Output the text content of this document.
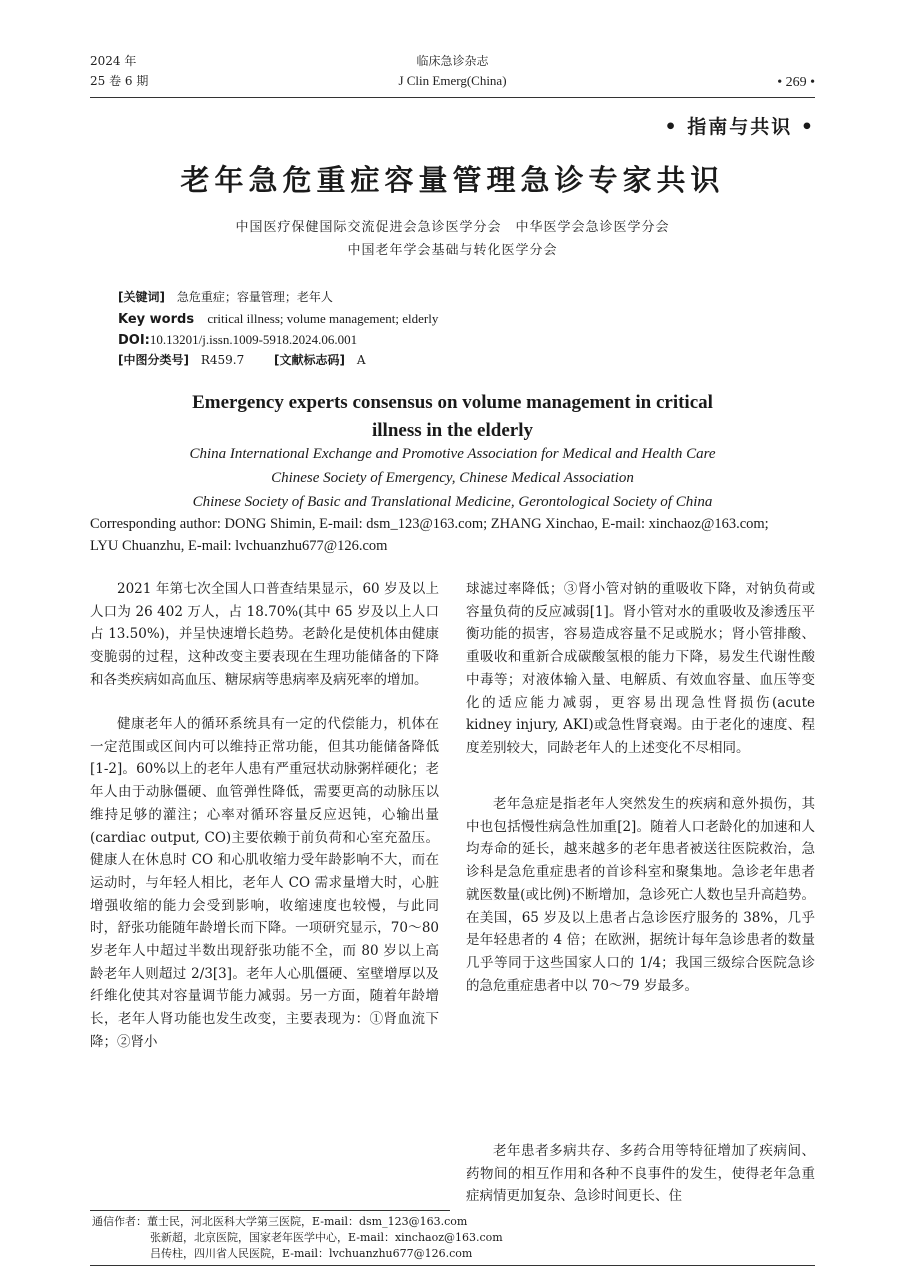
2024 年
25 卷 6 期
临床急诊杂志
J Clin Emerg(China)	• 269 •
• 指南与共识 •
老年急危重症容量管理急诊专家共识
中国医疗保健国际交流促进会急诊医学分会　中华医学会急诊医学分会
中国老年学会基础与转化医学分会
[关键词] 急危重症；容量管理；老年人
Key words critical illness; volume management; elderly
DOI:10.13201/j.issn.1009-5918.2024.06.001
[中图分类号] R459.7 [文献标志码] A
Emergency experts consensus on volume management in critical
illness in the elderly
China International Exchange and Promotive Association for Medical and Health Care
Chinese Society of Emergency, Chinese Medical Association
Chinese Society of Basic and Translational Medicine, Gerontological Society of China
Corresponding author: DONG Shimin, E-mail: dsm_123@163.com; ZHANG Xinchao, E-mail: xinchaoz@163.com;
LYU Chuanzhu, E-mail: lvchuanzhu677@126.com

2021 年第七次全国人口普查结果显示，60 岁及以上人口为 26 402 万人，占 18.70%(其中 65 岁及以上人口占 13.50%)，并呈快速增长趋势。老龄化是使机体由健康变脆弱的过程，这种改变主要表现在生理功能储备的下降和各类疾病如高血压、糖尿病等患病率及病死率的增加。

健康老年人的循环系统具有一定的代偿能力，机体在一定范围或区间内可以维持正常功能，但其功能储备降低[1-2]。60%以上的老年人患有严重冠状动脉粥样硬化；老年人由于动脉僵硬、血管弹性降低，需要更高的动脉压以维持足够的灌注；心率对循环容量反应迟钝，心输出量(cardiac output, CO)主要依赖于前负荷和心室充盈压。健康人在休息时 CO 和心肌收缩力受年龄影响不大，而在运动时，与年轻人相比，老年人 CO 需求量增大时，心脏增强收缩的能力会受到影响，收缩速度也较慢，与此同时，舒张功能随年龄增长而下降。一项研究显示，70～80 岁老年人中超过半数出现舒张功能不全，而 80 岁以上高龄老年人则超过 2/3[3]。老年人心肌僵硬、室壁增厚以及纤维化使其对容量调节能力减弱。另一方面，随着年龄增长，老年人肾功能也发生改变，主要表现为：①肾血流下降；②肾小

球滤过率降低；③肾小管对钠的重吸收下降，对钠负荷或容量负荷的反应减弱[1]。肾小管对水的重吸收及渗透压平衡功能的损害，容易造成容量不足或脱水；肾小管排酸、重吸收和重新合成碳酸氢根的能力下降，易发生代谢性酸中毒等；对液体输入量、电解质、有效血容量、血压等变化的适应能力减弱，更容易出现急性肾损伤(acute kidney injury, AKI)或急性肾衰竭。由于老化的速度、程度差别较大，同龄老年人的上述变化不尽相同。

老年急症是指老年人突然发生的疾病和意外损伤，其中也包括慢性病急性加重[2]。随着人口老龄化的加速和人均寿命的延长，越来越多的老年患者被送往医院救治，急诊科是急危重症患者的首诊科室和聚集地。急诊老年患者就医数量(或比例)不断增加，急诊死亡人数也呈升高趋势。在美国，65 岁及以上患者占急诊医疗服务的 38%，几乎是年轻患者的 4 倍；在欧洲，据统计每年急诊患者的数量几乎等同于这些国家人口的 1/4；我国三级综合医院急诊的急危重症患者中以 70～79 岁最多。

老年患者多病共存、多药合用等特征增加了疾病间、药物间的相互作用和各种不良事件的发生，使得老年急重症病情更加复杂、急诊时间更长、住

通信作者：董士民，河北医科大学第三医院，E-mail：dsm_123@163.com
张新超，北京医院，国家老年医学中心，E-mail：xinchaoz@163.com
吕传柱，四川省人民医院，E-mail：lvchuanzhu677@126.com
